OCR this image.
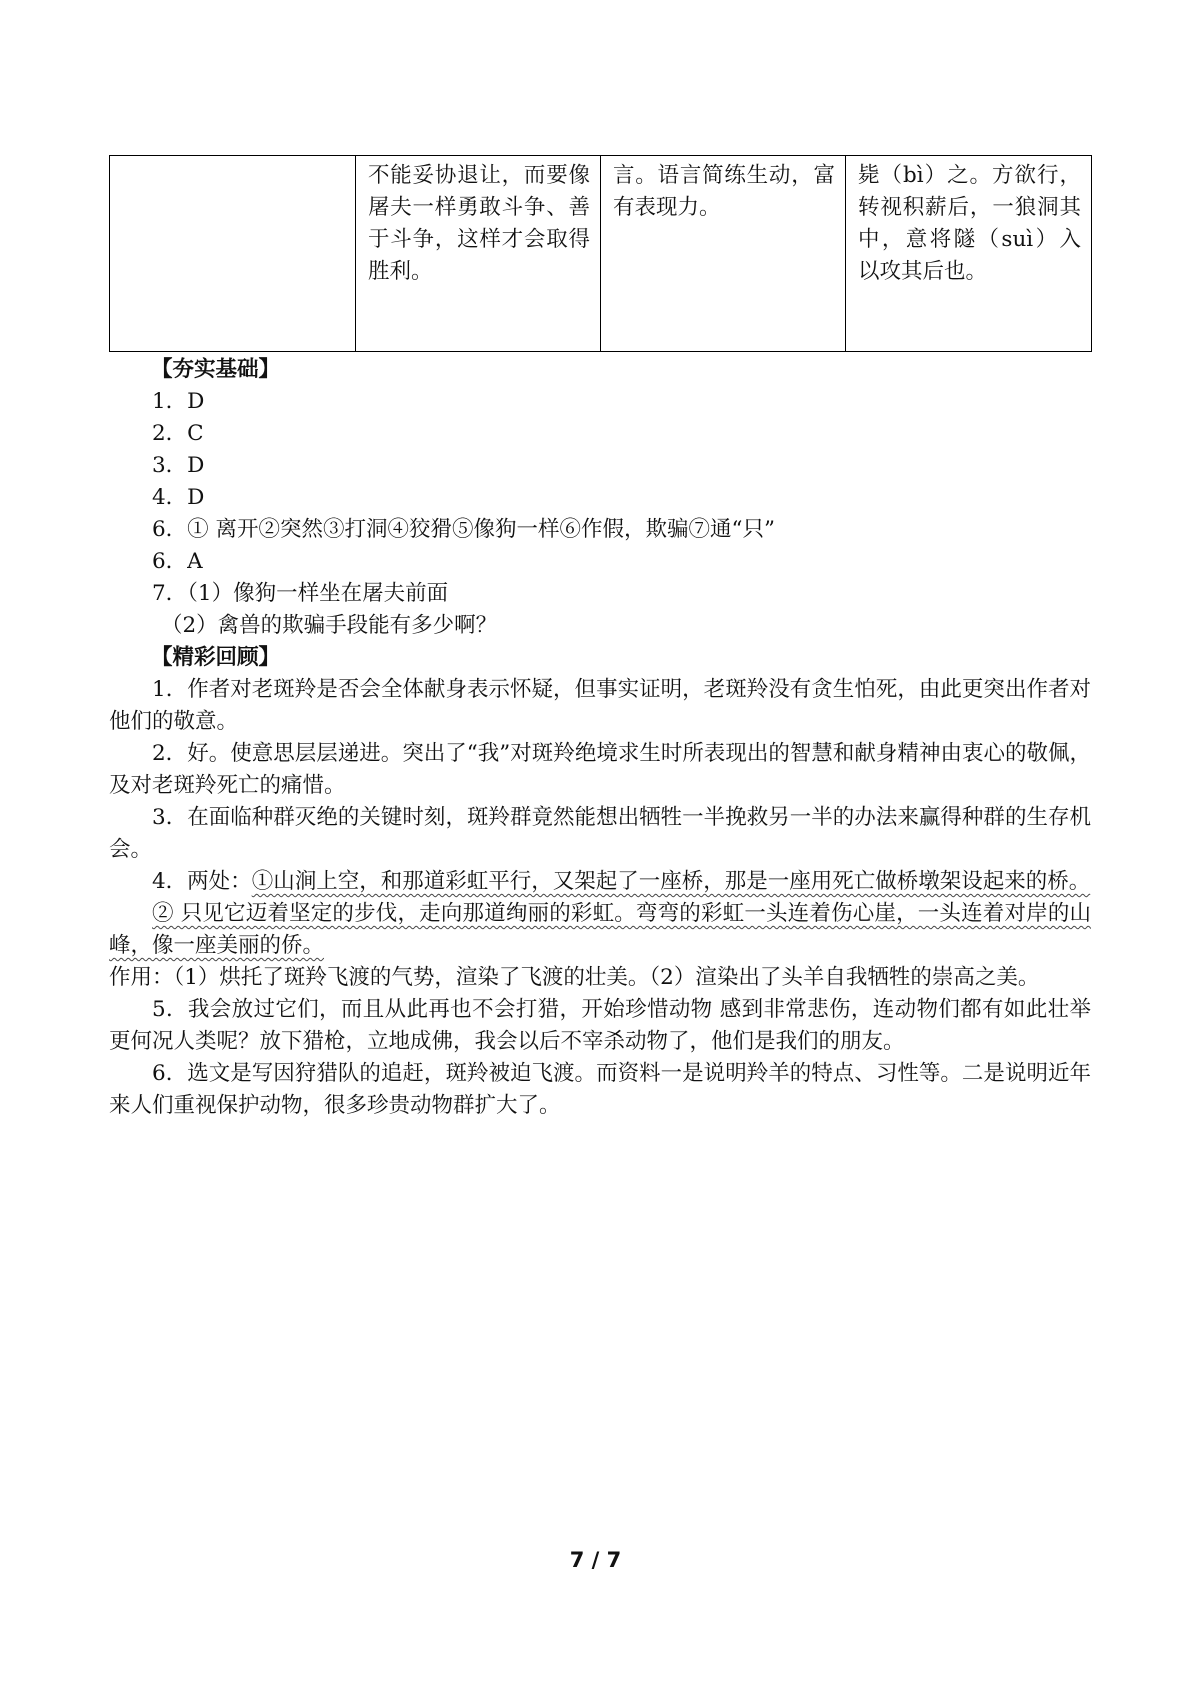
	不能妥协退让，而要像屠夫一样勇敢斗争、善于斗争，这样才会取得胜利。	言。语言简练生动，富有表现力。	毙（bì）之。方欲行，转视积薪后，一狼洞其中，意将隧（suì）入以攻其后也。

【夯实基础】

1．D

2．C

3．D

4．D

6．① 离开②突然③打洞④狡猾⑤像狗一样⑥作假，欺骗⑦通“只”

6．A

7．（1）像狗一样坐在屠夫前面

（2）禽兽的欺骗手段能有多少啊？

【精彩回顾】

1．作者对老斑羚是否会全体献身表示怀疑，但事实证明，老斑羚没有贪生怕死，由此更突出作者对他们的敬意。

2．好。使意思层层递进。突出了“我”对斑羚绝境求生时所表现出的智慧和献身精神由衷心的敬佩，及对老斑羚死亡的痛惜。

3．在面临种群灭绝的关键时刻，斑羚群竟然能想出牺牲一半挽救另一半的办法来赢得种群的生存机会。

4．两处：①山涧上空，和那道彩虹平行，又架起了一座桥，那是一座用死亡做桥墩架设起来的桥。

② 只见它迈着坚定的步伐，走向那道绚丽的彩虹。弯弯的彩虹一头连着伤心崖，一头连着对岸的山峰，像一座美丽的侨。

作用：（1）烘托了斑羚飞渡的气势，渲染了飞渡的壮美。（2）渲染出了头羊自我牺牲的崇高之美。

5．我会放过它们，而且从此再也不会打猎，开始珍惜动物 感到非常悲伤，连动物们都有如此壮举更何况人类呢？放下猎枪，立地成佛，我会以后不宰杀动物了，他们是我们的朋友。

6．选文是写因狩猎队的追赶，斑羚被迫飞渡。而资料一是说明羚羊的特点、习性等。二是说明近年来人们重视保护动物，很多珍贵动物群扩大了。

7 / 7
